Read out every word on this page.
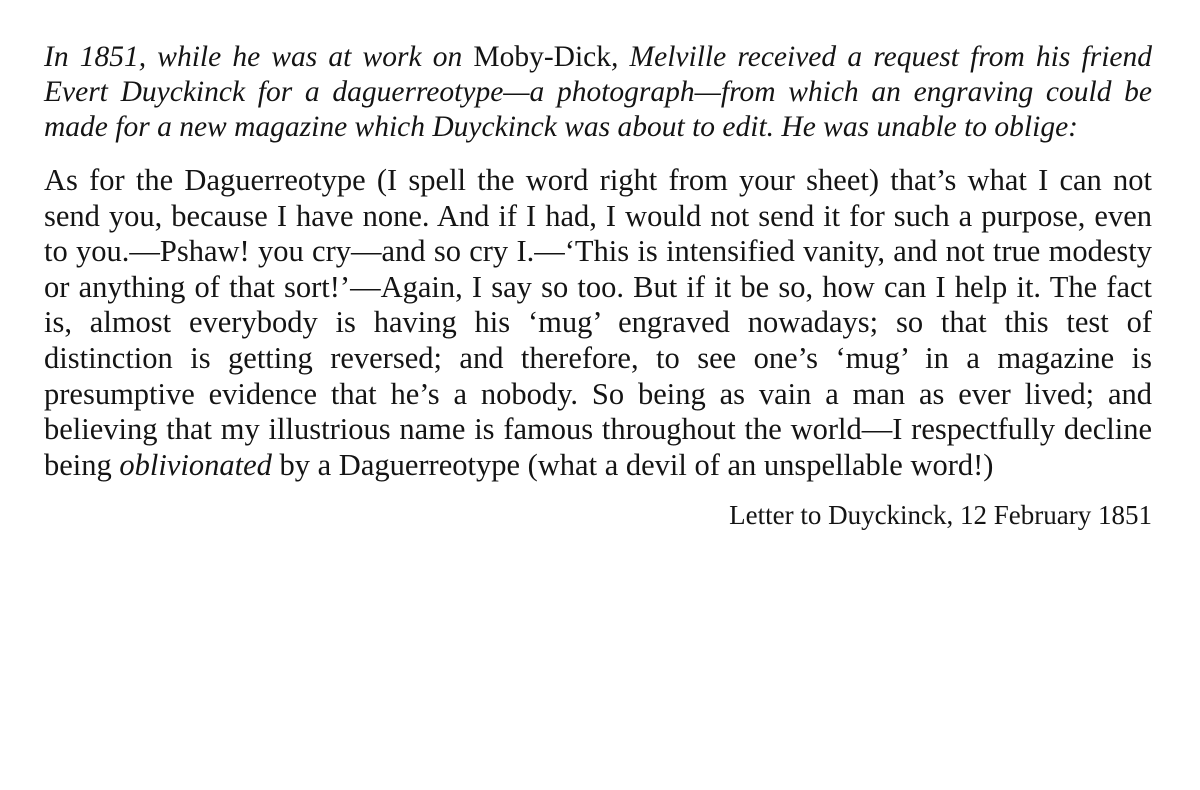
In 1851, while he was at work on Moby-Dick, Melville received a request from his friend Evert Duyckinck for a daguerreotype—a photograph—from which an engraving could be made for a new magazine which Duyckinck was about to edit. He was unable to oblige:

As for the Daguerreotype (I spell the word right from your sheet) that’s what I can not send you, because I have none. And if I had, I would not send it for such a purpose, even to you.—Pshaw! you cry—and so cry I.—‘This is intensified vanity, and not true modesty or anything of that sort!’—Again, I say so too. But if it be so, how can I help it. The fact is, almost everybody is having his ‘mug’ engraved nowadays; so that this test of distinction is getting reversed; and therefore, to see one’s ‘mug’ in a magazine is presumptive evidence that he’s a nobody. So being as vain a man as ever lived; and believing that my illustrious name is famous throughout the world—I respectfully decline being oblivionated by a Daguerreotype (what a devil of an unspellable word!)

Letter to Duyckinck, 12 February 1851
